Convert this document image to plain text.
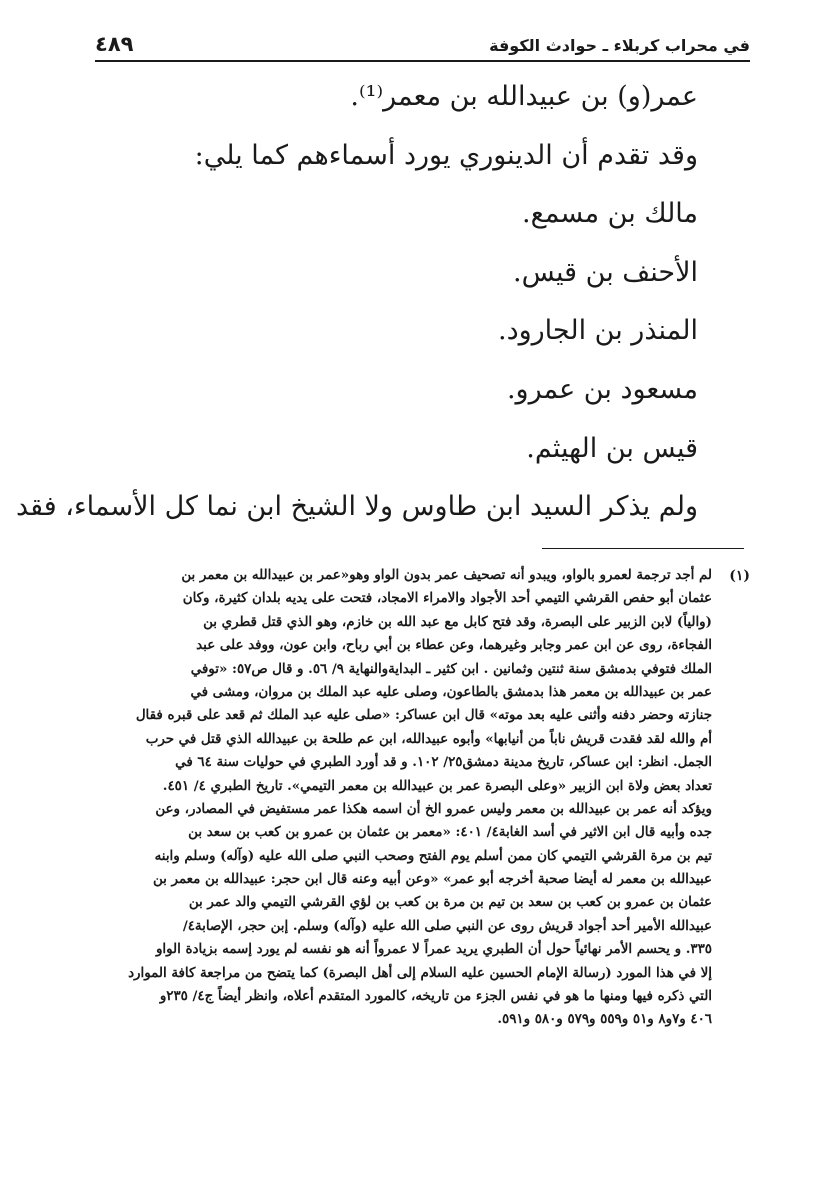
في محراب كربلاء ـ حوادث الكوفة
٤٨٩
عمر(و) بن عبيدالله بن معمر⁽¹⁾.
وقد تقدم أن الدينوري يورد أسماءهم كما يلي:
مالك بن مسمع.
الأحنف بن قيس.
المنذر بن الجارود.
مسعود بن عمرو.
قيس بن الهيثم.
ولم يذكر السيد ابن طاوس ولا الشيخ ابن نما كل الأسماء، فقد
(١)
لم أجد ترجمة لعمرو بالواو، ويبدو أنه تصحيف عمر بدون الواو وهو«عمر بن عبيدالله بن معمر بن
عثمان أبو حفص القرشي التيمي أحد الأجواد والامراء الامجاد، فتحت على يديه بلدان كثيرة، وكان
(والياً) لابن الزبير على البصرة، وقد فتح كابل مع عبد الله بن خازم، وهو الذي قتل قطري بن
الفجاءة، روى عن ابن عمر وجابر وغيرهما، وعن عطاء بن أبي رباح، وابن عون، ووفد على عبد
الملك فتوفي بدمشق سنة ثنتين وثمانين . ابن كثير ـ البدايةوالنهاية ٩/ ٥٦. و قال ص٥٧: «توفي
عمر بن عبيدالله بن معمر هذا بدمشق بالطاعون، وصلى عليه عبد الملك بن مروان، ومشى في
جنازته وحضر دفنه وأثنى عليه بعد موته» قال ابن عساكر: «صلى عليه عبد الملك ثم قعد على قبره فقال
أم والله لقد فقدت قريش ناباً من أنيابها» وأبوه عبيدالله، ابن عم طلحة بن عبيدالله الذي قتل في حرب
الجمل. انظر: ابن عساكر، تاريخ مدينة دمشق٢٥/ ١٠٢. و قد أورد الطبري في حوليات سنة ٦٤ في
تعداد بعض ولاة ابن الزبير «وعلى البصرة عمر بن عبيدالله بن معمر التيمي». تاريخ الطبري ٤/ ٤٥١.
ويؤكد أنه عمر بن عبيدالله بن معمر وليس عمرو الخ أن اسمه هكذا عمر مستفيض في المصادر، وعن
جده وأبيه قال ابن الاثير في أسد الغابة٤/ ٤٠١: «معمر بن عثمان بن عمرو بن كعب بن سعد بن
تيم بن مرة القرشي التيمي كان ممن أسلم يوم الفتح وصحب النبي صلى الله عليه (وآله) وسلم وابنه
عبيدالله بن معمر له أيضا صحبة أخرجه أبو عمر» «وعن أبيه وعنه قال ابن حجر: عبيدالله بن معمر بن
عثمان بن عمرو بن كعب بن سعد بن تيم بن مرة بن كعب بن لؤي القرشي التيمي والد عمر بن
عبيدالله الأمير أحد أجواد قريش روى عن النبي صلى الله عليه (وآله) وسلم. إبن حجر، الإصابة٤/
٣٣٥. و يحسم الأمر نهائياً حول أن الطبري يريد عمراً لا عمرواً أنه هو نفسه لم يورد إسمه بزيادة الواو
إلا في هذا المورد (رسالة الإمام الحسين عليه السلام إلى أهل البصرة) كما يتضح من مراجعة كافة الموارد
التي ذكره فيها ومنها ما هو في نفس الجزء من تاريخه، كالمورد المتقدم أعلاه، وانظر أيضاً ج٤/ ٢٣٥و
٤٠٦ و٧و٨ و٥١ و٥٥٩ و٥٧٩ و٥٨٠ و٥٩١.
